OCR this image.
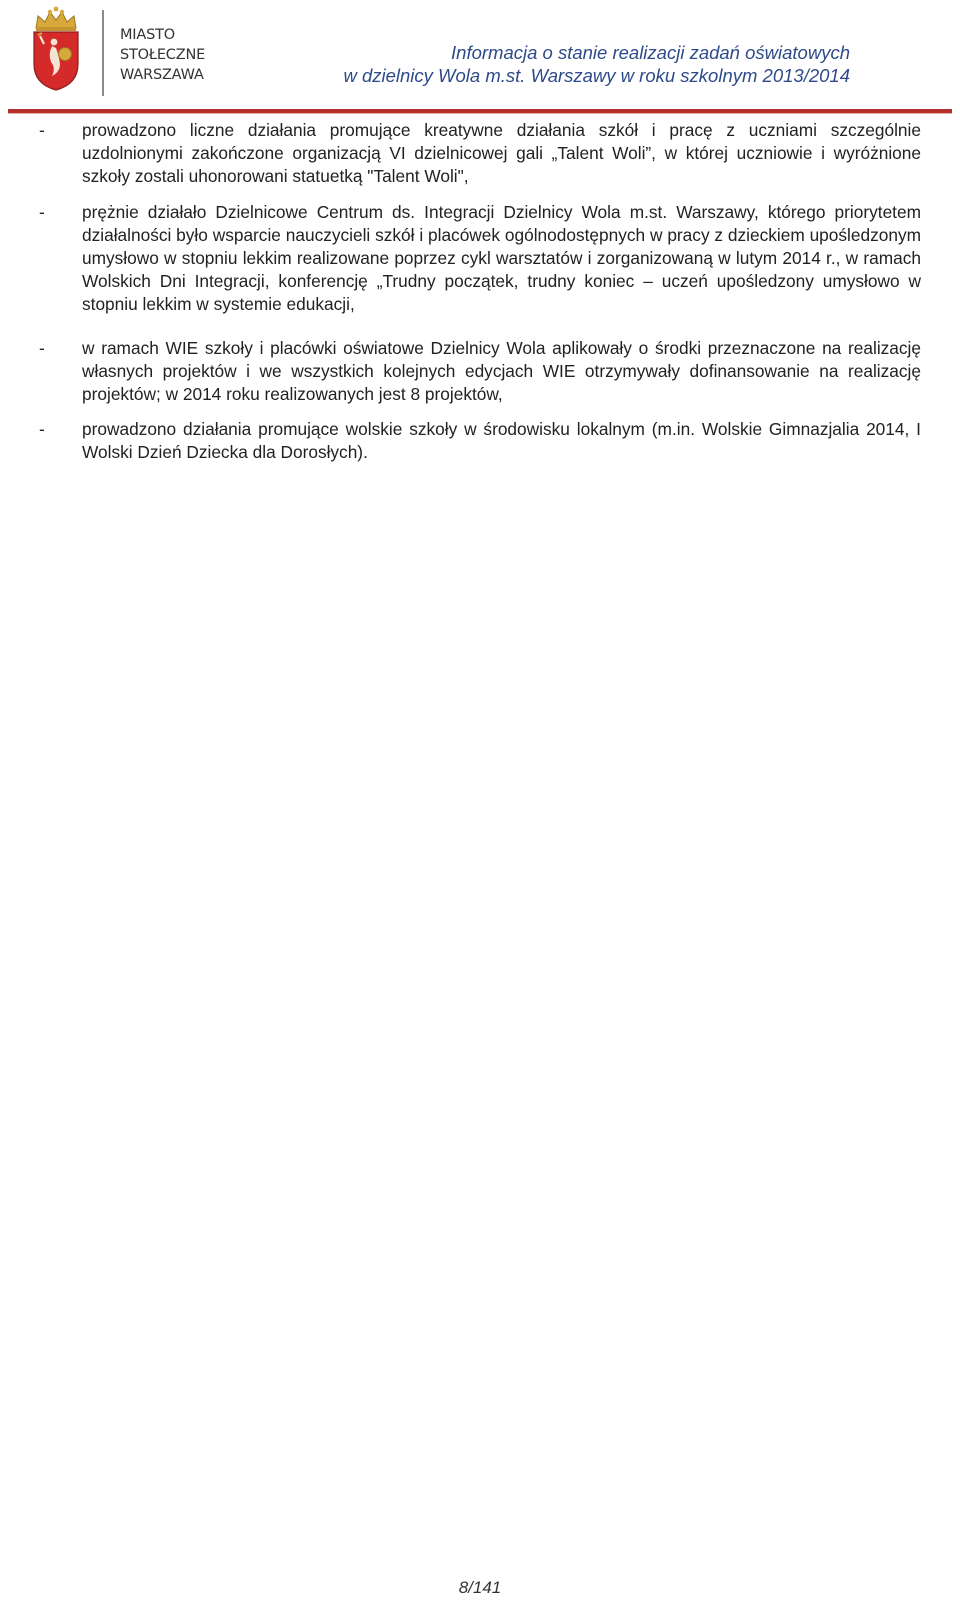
MIASTO
STOŁECZNE
WARSZAWA
Informacja o stanie realizacji zadań oświatowych
w dzielnicy Wola m.st. Warszawy w roku szkolnym 2013/2014
-	prowadzono liczne działania promujące kreatywne działania szkół i pracę z uczniami szczególnie uzdolnionymi zakończone organizacją VI dzielnicowej gali „Talent Woli”, w której uczniowie i wyróżnione szkoły zostali uhonorowani statuetką "Talent Woli",
-	prężnie działało Dzielnicowe Centrum ds. Integracji Dzielnicy Wola m.st. Warszawy, którego priorytetem działalności było wsparcie nauczycieli szkół i placówek ogólnodostępnych w pracy z dzieckiem upośledzonym umysłowo w stopniu lekkim realizowane poprzez cykl warsztatów i zorganizowaną w lutym 2014 r., w ramach Wolskich Dni Integracji, konferencję „Trudny początek, trudny koniec – uczeń upośledzony umysłowo w stopniu lekkim w systemie edukacji,
-	w ramach WIE szkoły i placówki oświatowe Dzielnicy Wola aplikowały o środki przeznaczone na realizację własnych projektów i we wszystkich kolejnych edycjach WIE otrzymywały dofinansowanie na realizację projektów; w 2014 roku realizowanych jest 8 projektów,
-	prowadzono działania promujące wolskie szkoły w środowisku lokalnym (m.in. Wolskie Gimnazjalia 2014, I Wolski Dzień Dziecka dla Dorosłych).
8/141
